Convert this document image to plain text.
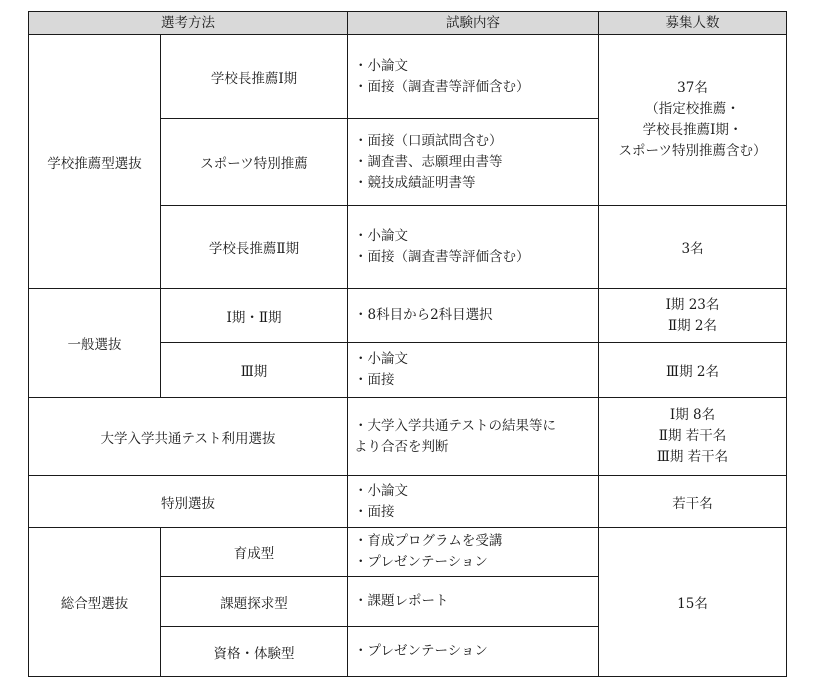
選考方法		試験内容	募集人数
学校推薦型選抜	学校長推薦Ⅰ期	・小論文
・面接（調査書等評価含む）	37名
（指定校推薦・
学校長推薦Ⅰ期・
スポーツ特別推薦含む）

	スポーツ特別推薦	・面接（口頭試問含む）
・調査書、志願理由書等
・競技成績証明書等	

	学校長推薦Ⅱ期	・小論文
・面接（調査書等評価含む）	3名
一般選抜	Ⅰ期・Ⅱ期	・8科目から2科目選択	Ⅰ期 23名
Ⅱ期 2名

	Ⅲ期	・小論文
・面接	Ⅲ期 2名
大学入学共通テスト利用選抜		・大学入学共通テストの結果等に
より合否を判断	Ⅰ期 8名
Ⅱ期 若干名
Ⅲ期 若干名

特別選抜		・小論文
・面接	若干名
総合型選抜	育成型	・育成プログラムを受講
・プレゼンテーション	15名
	課題探求型	・課題レポート	

	資格・体験型	・プレゼンテーション	
